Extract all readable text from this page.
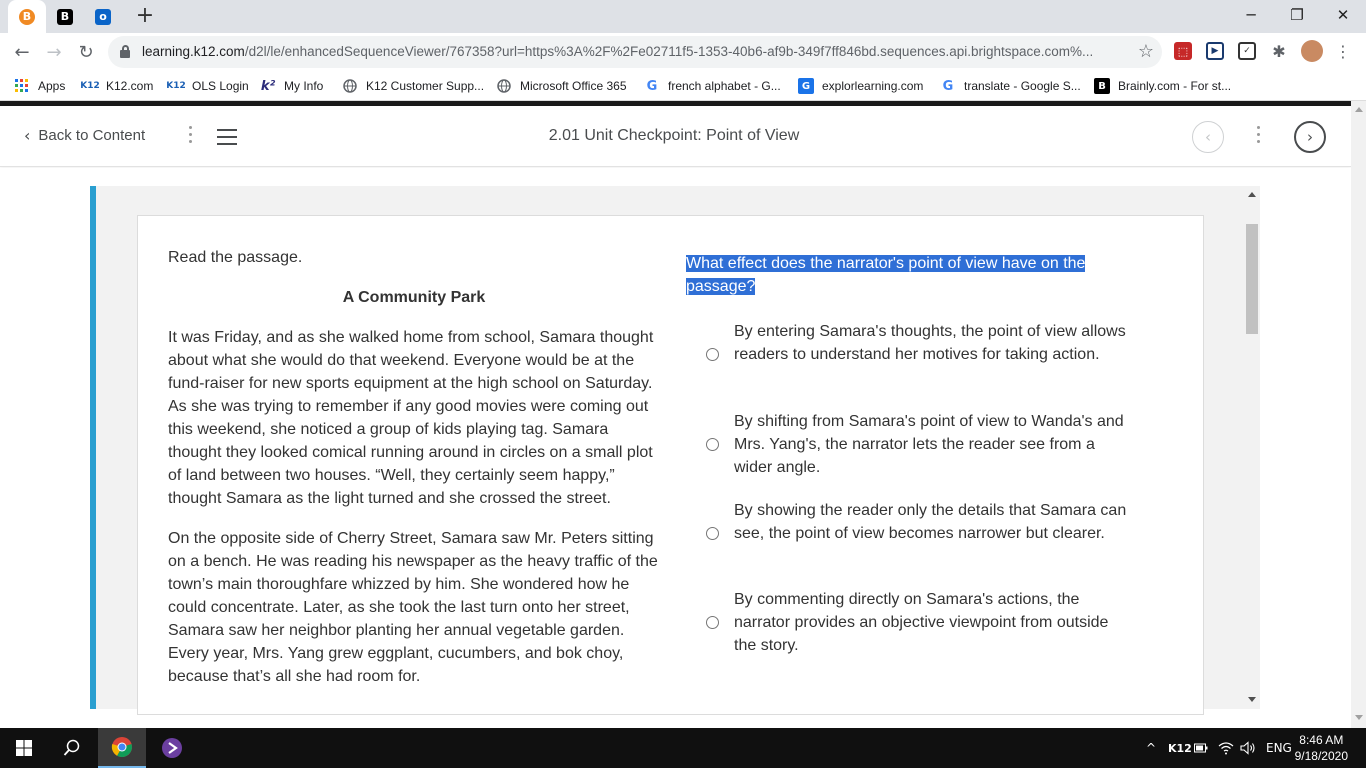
B	B	o +	─	❐	✕
← → ↻	learning.k12.com/d2l/le/enhancedSequenceViewer/767358?url=https%3A%2F%2Fe02711f5-1353-40b6-af9b-349f7ff846bd.sequences.api.brightspace.com%...	☆	⬚	▶	✓ ✱	⋮
Apps K12 K12.com K12 OLS Login k² My Info	K12 Customer Supp...	Microsoft Office 365 G french alphabet - G...	G explorlearning.com G translate - Google S...	B	Brainly.com - For st...
‹ Back to Content	2.01 Unit Checkpoint: Point of View	‹	›

Read the passage.

A Community Park

It was Friday, and as she walked home from school, Samara thought about what she would do that weekend. Everyone would be at the fund-raiser for new sports equipment at the high school on Saturday. As she was trying to remember if any good movies were coming out this weekend, she noticed a group of kids playing tag. Samara thought they looked comical running around in circles on a small plot of land between two houses. “Well, they certainly seem happy,” thought Samara as the light turned and she crossed the street.

On the opposite side of Cherry Street, Samara saw Mr. Peters sitting on a bench. He was reading his newspaper as the heavy traffic of the town’s main thoroughfare whizzed by him. She wondered how he could concentrate. Later, as she took the last turn onto her street, Samara saw her neighbor planting her annual vegetable garden. Every year, Mrs. Yang grew eggplant, cucumbers, and bok choy, because that’s all she had room for.

What effect does the narrator's point of view have on the passage?
By entering Samara's thoughts, the point of view allows readers to understand her motives for taking action.
By shifting from Samara's point of view to Wanda's and Mrs. Yang's, the narrator lets the reader see from a wider angle.
By showing the reader only the details that Samara can see, the point of view becomes narrower but clearer.
By commenting directly on Samara's actions, the narrator provides an objective viewpoint from outside the story.
^ K12	ENG
8:46 AM
9/18/2020
